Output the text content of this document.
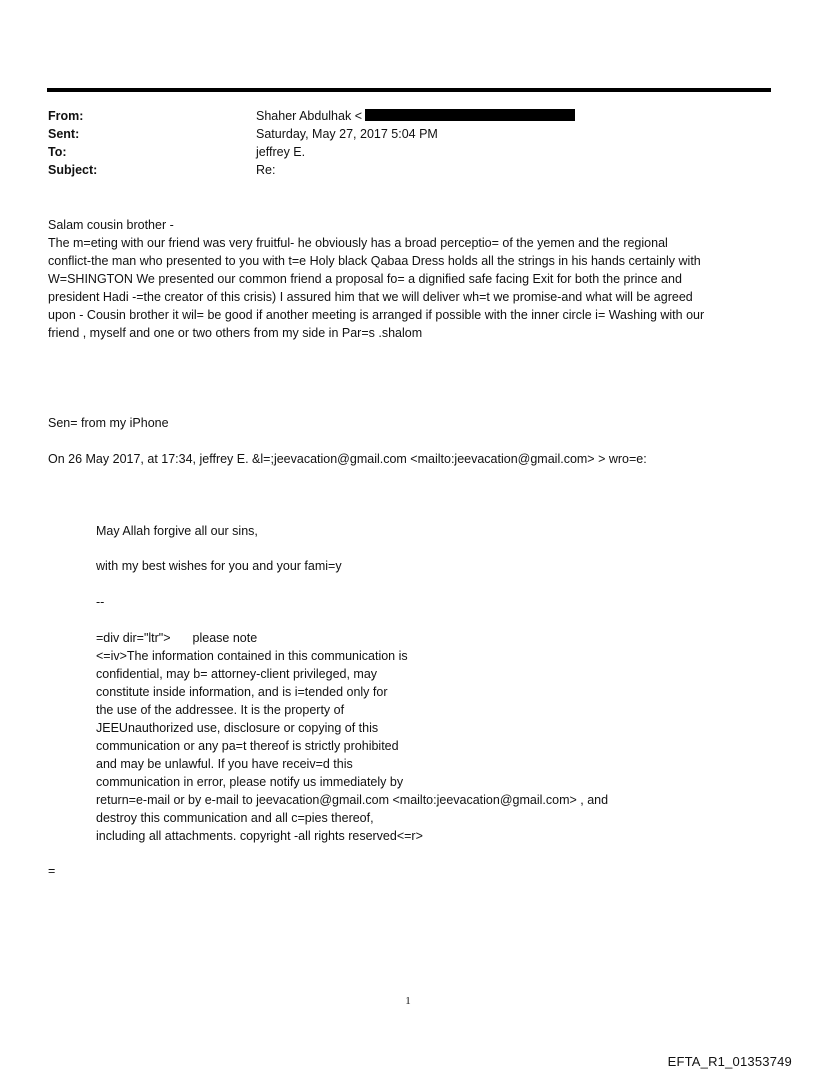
From:	Shaher Abdulhak <
Sent:	Saturday, May 27, 2017 5:04 PM
To:	jeffrey E.
Subject:	Re:

Salam cousin brother -

The m=eting with our friend was very fruitful- he obviously has a broad perceptio= of the yemen and the regional
conflict-the man who presented to you with t=e Holy black Qabaa Dress holds all the strings in his hands certainly with
W=SHINGTON We presented our common friend a proposal fo= a dignified safe facing Exit for both the prince and
president Hadi -=the creator of this crisis) I assured him that we will deliver wh=t we promise-and what will be agreed
upon - Cousin brother it wil= be good if another meeting is arranged if possible with the inner circle i= Washing with our
friend , myself and one or two others from my side in Par=s .shalom
Sen= from my iPhone
On 26 May 2017, at 17:34, jeffrey E. &l=;jeevacation@gmail.com <mailto:jeevacation@gmail.com> > wro=e:
May Allah forgive all our sins,
with my best wishes for you and your fami=y
--
=div dir="ltr"> please note
<=iv>The information contained in this communication is
confidential, may b= attorney-client privileged, may
constitute inside information, and is i=tended only for
the use of the addressee. It is the property of
JEEUnauthorized use, disclosure or copying of this
communication or any pa=t thereof is strictly prohibited
and may be unlawful. If you have receiv=d this
communication in error, please notify us immediately by
return=e-mail or by e-mail to jeevacation@gmail.com <mailto:jeevacation@gmail.com> , and
destroy this communication and all c=pies thereof,
including all attachments. copyright -all rights reserved<=r>
=
1
EFTA_R1_01353749
